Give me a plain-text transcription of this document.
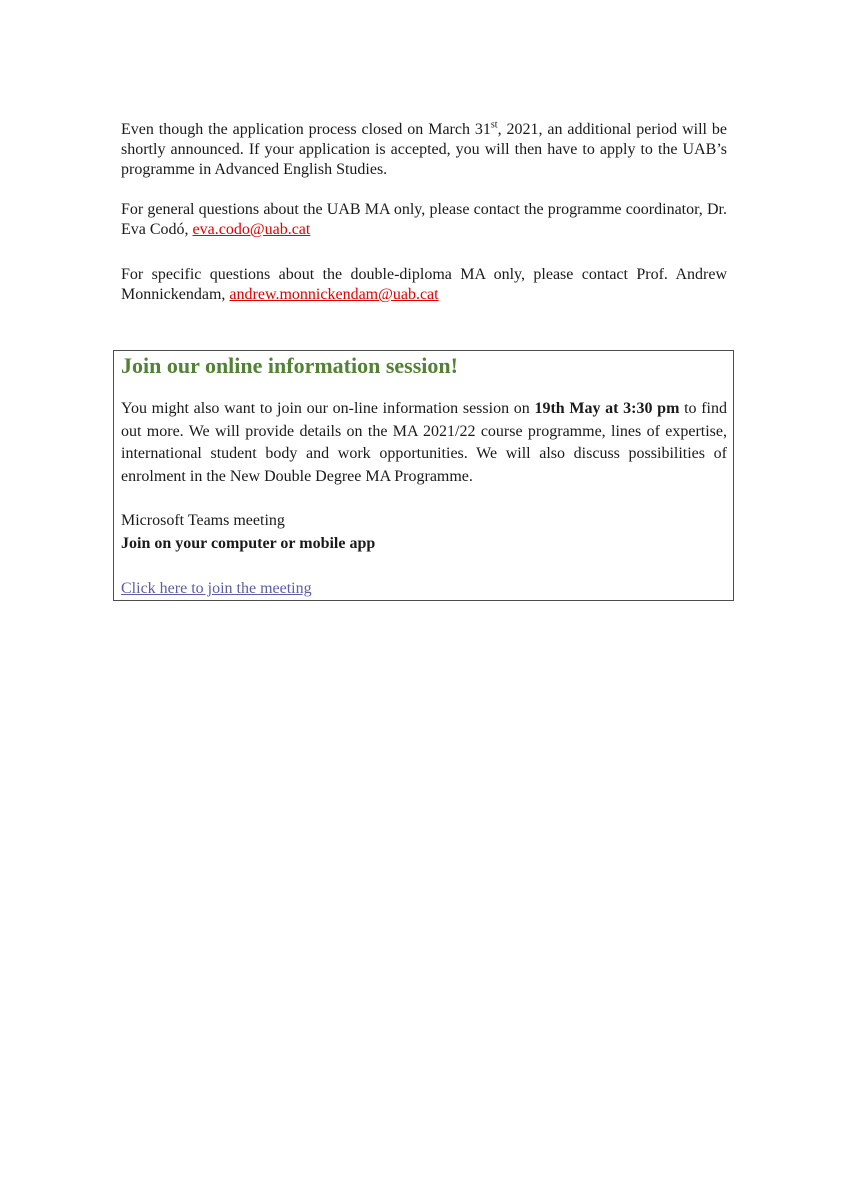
Even though the application process closed on March 31st, 2021, an additional period will be shortly announced. If your application is accepted, you will then have to apply to the UAB’s programme in Advanced English Studies.

For general questions about the UAB MA only, please contact the programme coordinator, Dr. Eva Codó, eva.codo@uab.cat

For specific questions about the double-diploma MA only, please contact Prof. Andrew Monnickendam, andrew.monnickendam@uab.cat

Join our online information session!

You might also want to join our on-line information session on 19th May at 3:30 pm to find out more. We will provide details on the MA 2021/22 course programme, lines of expertise, international student body and work opportunities. We will also discuss possibilities of enrolment in the New Double Degree MA Programme.

Microsoft Teams meeting

Join on your computer or mobile app

Click here to join the meeting
